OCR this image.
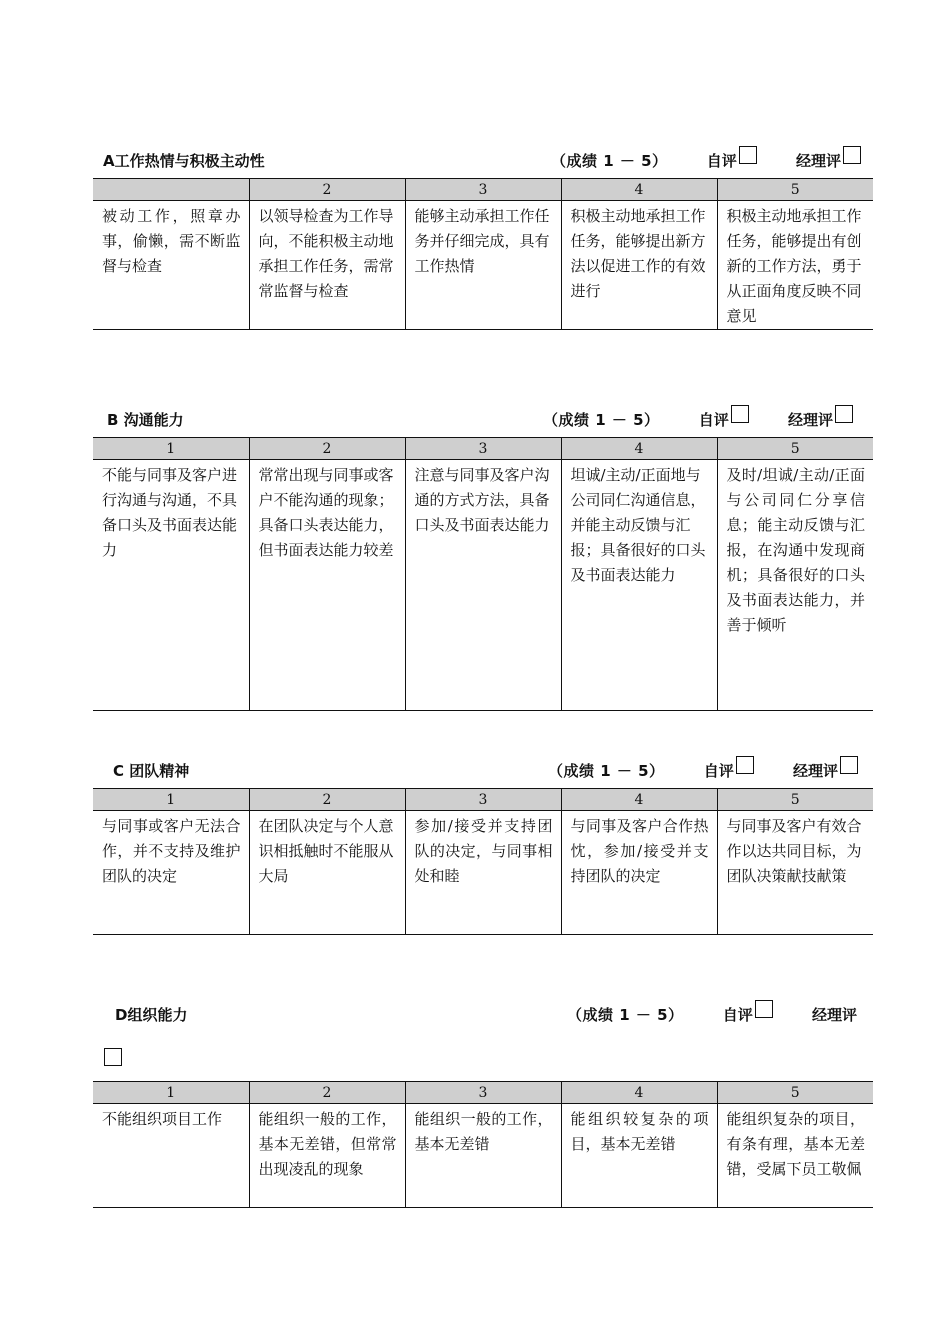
A工作热情与积极主动性	（成绩 1 － 5）	自评	经理评
	2	3	4	5
被动工作，照章办事，偷懒，需不断监督与检查	以领导检查为工作导向，不能积极主动地承担工作任务，需常常监督与检查	能够主动承担工作任务并仔细完成，具有工作热情	积极主动地承担工作任务，能够提出新方法以促进工作的有效进行	积极主动地承担工作任务，能够提出有创新的工作方法，勇于从正面角度反映不同意见
B 沟通能力	（成绩 1 － 5）	自评	经理评
1	2	3	4	5
不能与同事及客户进行沟通与沟通，不具备口头及书面表达能力	常常出现与同事或客户不能沟通的现象；具备口头表达能力，但书面表达能力较差	注意与同事及客户沟通的方式方法，具备口头及书面表达能力	坦诚/主动/正面地与公司同仁沟通信息，并能主动反馈与汇报；具备很好的口头及书面表达能力	及时/坦诚/主动/正面与公司同仁分享信息；能主动反馈与汇报，在沟通中发现商机；具备很好的口头及书面表达能力，并善于倾听
C 团队精神	（成绩 1 － 5）	自评	经理评
1	2	3	4	5
与同事或客户无法合作，并不支持及维护团队的决定	在团队决定与个人意识相抵触时不能服从大局	参加/接受并支持团队的决定，与同事相处和睦	与同事及客户合作热忱，参加/接受并支持团队的决定	与同事及客户有效合作以达共同目标，为团队决策献技献策
D组织能力	（成绩 1 － 5）	自评	经理评
1	2	3	4	5
不能组织项目工作	能组织一般的工作，基本无差错，但常常出现凌乱的现象	能组织一般的工作，基本无差错	能组织较复杂的项目，基本无差错	能组织复杂的项目，有条有理，基本无差错，受属下员工敬佩
